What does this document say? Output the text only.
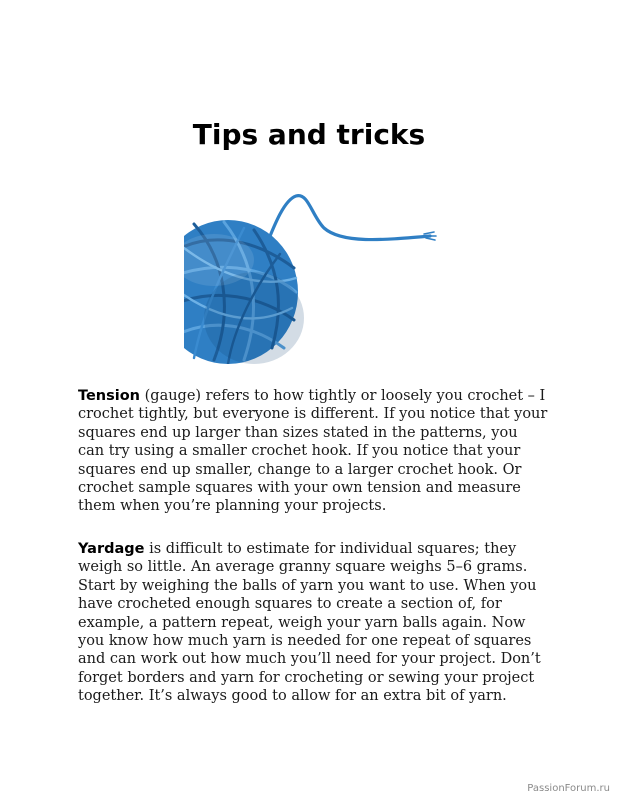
Tips and tricks

Tension (gauge) refers to how tightly or loosely you crochet – I crochet tightly, but everyone is different. If you notice that your squares end up larger than sizes stated in the patterns, you can try using a smaller crochet hook. If you notice that your squares end up smaller, change to a larger crochet hook. Or crochet sample squares with your own tension and measure them when you’re planning your projects.

Yardage is difficult to estimate for individual squares; they weigh so little. An average granny square weighs 5–6 grams. Start by weighing the balls of yarn you want to use. When you have crocheted enough squares to create a section of, for example, a pattern repeat, weigh your yarn balls again. Now you know how much yarn is needed for one repeat of squares and can work out how much you’ll need for your project. Don’t forget borders and yarn for crocheting or sewing your project together. It’s always good to allow for an extra bit of yarn.

PassionForum.ru
